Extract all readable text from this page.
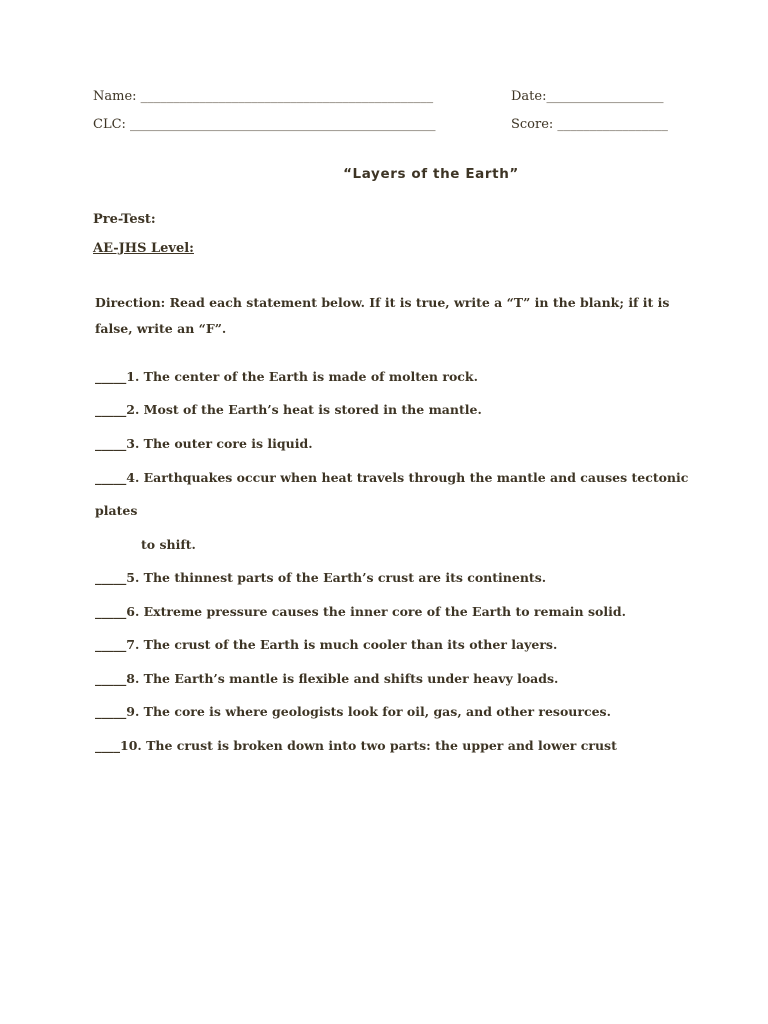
Name: _____________________________________________	Date:__________________
CLC: _______________________________________________	Score: _________________
“Layers of the Earth”
Pre-Test:
AE-JHS Level:
Direction: Read each statement below. If it is true, write a “T” in the blank; if it is false, write an “F”.
_____1. The center of the Earth is made of molten rock.
_____2. Most of the Earth’s heat is stored in the mantle.
_____3. The outer core is liquid.
_____4. Earthquakes occur when heat travels through the mantle and causes tectonic
plates
to shift.
_____5. The thinnest parts of the Earth’s crust are its continents.
_____6. Extreme pressure causes the inner core of the Earth to remain solid.
_____7. The crust of the Earth is much cooler than its other layers.
_____8. The Earth’s mantle is flexible and shifts under heavy loads.
_____9. The core is where geologists look for oil, gas, and other resources.
____10. The crust is broken down into two parts: the upper and lower crust
